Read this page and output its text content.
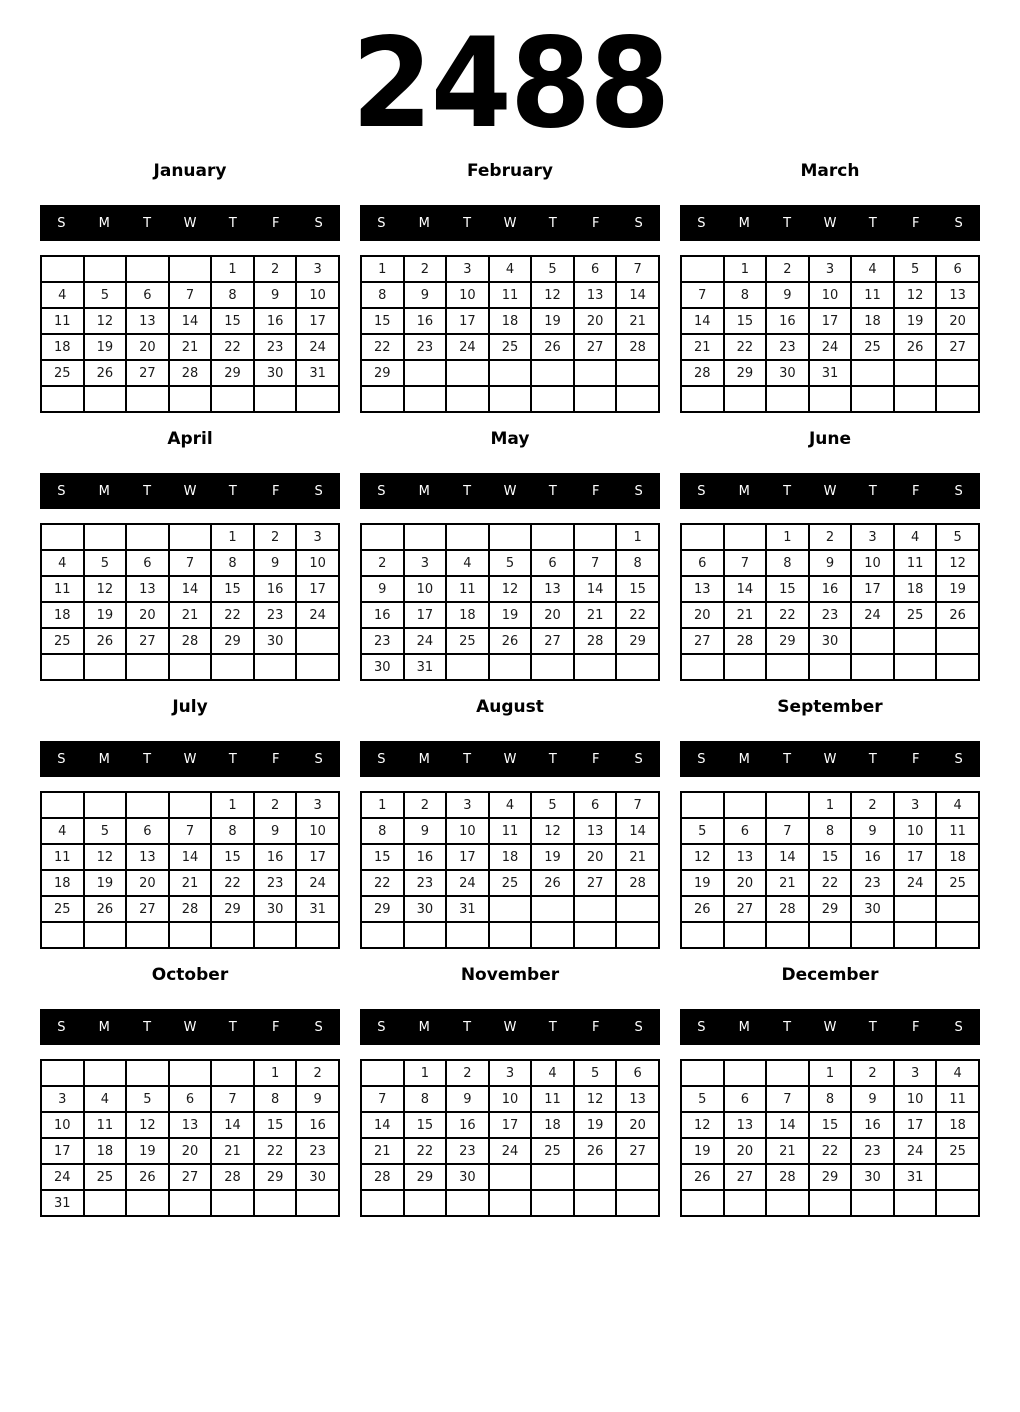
2488
January
S	M	T	W	T	F	S
				1	2	3
4	5	6	7	8	9	10
11	12	13	14	15	16	17
18	19	20	21	22	23	24
25	26	27	28	29	30	31

February
S	M	T	W	T	F	S
1	2	3	4	5	6	7
8	9	10	11	12	13	14
15	16	17	18	19	20	21
22	23	24	25	26	27	28
29						

March
S	M	T	W	T	F	S
	1	2	3	4	5	6
7	8	9	10	11	12	13
14	15	16	17	18	19	20
21	22	23	24	25	26	27
28	29	30	31			

April
S	M	T	W	T	F	S
				1	2	3
4	5	6	7	8	9	10
11	12	13	14	15	16	17
18	19	20	21	22	23	24
25	26	27	28	29	30	

May
S	M	T	W	T	F	S
						1
2	3	4	5	6	7	8
9	10	11	12	13	14	15
16	17	18	19	20	21	22
23	24	25	26	27	28	29
30	31					
June
S	M	T	W	T	F	S
		1	2	3	4	5
6	7	8	9	10	11	12
13	14	15	16	17	18	19
20	21	22	23	24	25	26
27	28	29	30			

July
S	M	T	W	T	F	S
				1	2	3
4	5	6	7	8	9	10
11	12	13	14	15	16	17
18	19	20	21	22	23	24
25	26	27	28	29	30	31

August
S	M	T	W	T	F	S
1	2	3	4	5	6	7
8	9	10	11	12	13	14
15	16	17	18	19	20	21
22	23	24	25	26	27	28
29	30	31				

September
S	M	T	W	T	F	S
			1	2	3	4
5	6	7	8	9	10	11
12	13	14	15	16	17	18
19	20	21	22	23	24	25
26	27	28	29	30		

October
S	M	T	W	T	F	S
					1	2
3	4	5	6	7	8	9
10	11	12	13	14	15	16
17	18	19	20	21	22	23
24	25	26	27	28	29	30
31						
November
S	M	T	W	T	F	S
	1	2	3	4	5	6
7	8	9	10	11	12	13
14	15	16	17	18	19	20
21	22	23	24	25	26	27
28	29	30				

December
S	M	T	W	T	F	S
			1	2	3	4
5	6	7	8	9	10	11
12	13	14	15	16	17	18
19	20	21	22	23	24	25
26	27	28	29	30	31	
